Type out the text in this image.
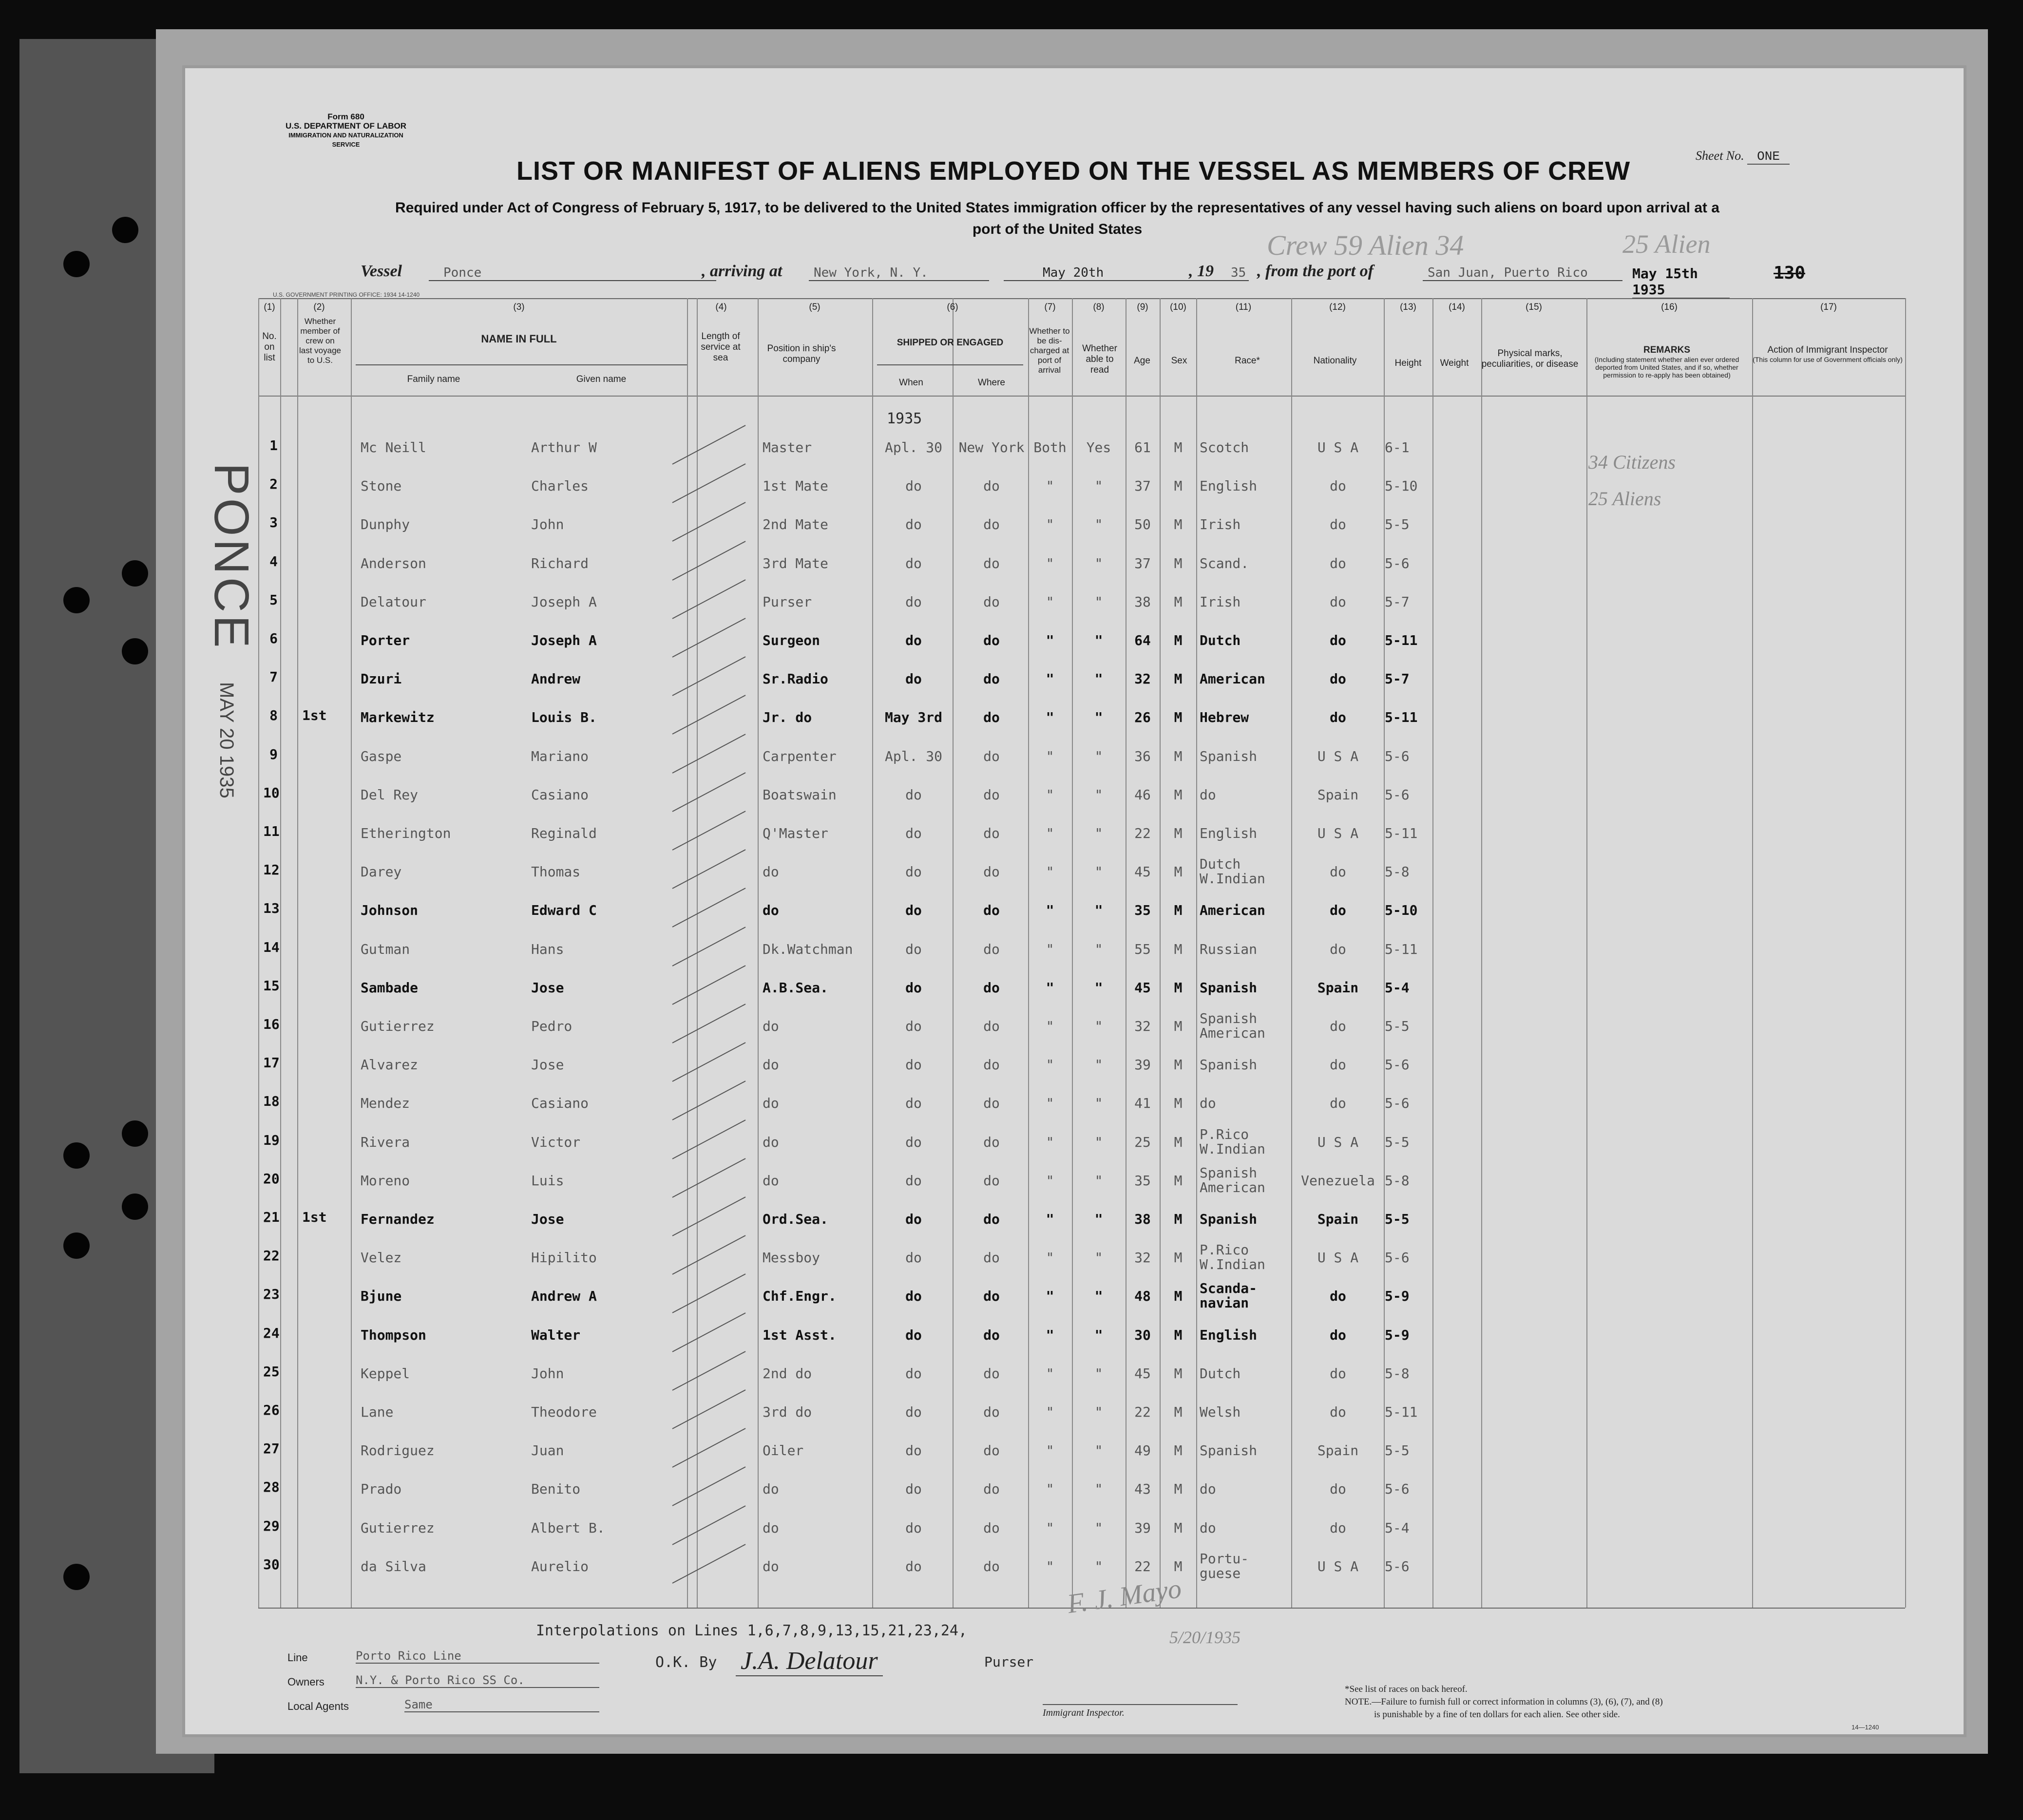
Form 680
U.S. DEPARTMENT OF LABOR
IMMIGRATION AND NATURALIZATION SERVICE
Sheet No. ONE
LIST OR MANIFEST OF ALIENS EMPLOYED ON THE VESSEL AS MEMBERS OF CREW
Required under Act of Congress of February 5, 1917, to be delivered to the United States immigration officer by the representatives of any vessel having such aliens on board upon arrival at a
port of the United States
Crew 59 Alien 34	25 Alien
Vessel	Ponce	, arriving at	New York, N. Y.	May 20th	, 19 35 , from the port of	San Juan, Puerto Rico	May 15th 1935
130
U.S. GOVERNMENT PRINTING OFFICE: 1934 14-1240
(1)	(2)	(3)	(4)	(5)	(6)	(7)	(8)	(9)	(10)	(11)	(12)	(13)	(14)	(15)	(16)	(17)
No. on list
Whether member of crew on last voyage to U.S.
NAME IN FULL
Family name	Given name
Length of service at sea
Position in ship's company
SHIPPED OR ENGAGED
When	Where
Whether to be dis-charged at port of arrival
Whether able to read
Age	Sex	Race*	Nationality	Height	Weight
Physical marks, peculiarities, or disease
REMARKS
(Including statement whether alien ever ordered deported from United States, and if so, whether permission to re-apply has been obtained)
Action of Immigrant Inspector
(This column for use of Government officials only)
1935
1	Mc Neill	Arthur W	Master	Apl. 30	New York Both	Yes	61	M	Scotch	U S A	6-1
2	Stone	Charles	1st Mate	do	do	"	"	37	M	English	do	5-10
3	Dunphy	John	2nd Mate	do	do	"	"	50	M	Irish	do	5-5
4	Anderson	Richard	3rd Mate	do	do	"	"	37	M	Scand.	do	5-6
5	Delatour	Joseph A	Purser	do	do	"	"	38	M	Irish	do	5-7
6	Porter	Joseph A	Surgeon	do	do	"	"	64	M	Dutch	do	5-11
7	Dzuri	Andrew	Sr.Radio	do	do	"	"	32	M	American	do	5-7
8 1st	Markewitz	Louis B.	Jr. do	May 3rd	do	"	"	26	M	Hebrew	do	5-11
9	Gaspe	Mariano	Carpenter	Apl. 30	do	"	"	36	M	Spanish	U S A	5-6
10	Del Rey	Casiano	Boatswain	do	do	"	"	46	M	do	Spain	5-6
11	Etherington	Reginald	Q'Master	do	do	"	"	22	M	English	U S A	5-11
12	Darey	Thomas	do	do	do	"	"	45	M	Dutch	do	5-8
W.Indian
13	Johnson	Edward C	do	do	do	"	"	35	M	American	do	5-10
14	Gutman	Hans	Dk.Watchman	do	do	"	"	55	M	Russian	do	5-11
15	Sambade	Jose	A.B.Sea.	do	do	"	"	45	M	Spanish	Spain	5-4
16	Gutierrez	Pedro	do	do	do	"	"	32	M	Spanish	do	5-5
American
17	Alvarez	Jose	do	do	do	"	"	39	M	Spanish	do	5-6
18	Mendez	Casiano	do	do	do	"	"	41	M	do	do	5-6
19	Rivera	Victor	do	do	do	"	"	25	M	P.Rico	U S A	5-5
W.Indian
20	Moreno	Luis	do	do	do	"	"	35	M	Spanish	Venezuela 5-8
American
21 1st	Fernandez	Jose	Ord.Sea.	do	do	"	"	38	M	Spanish	Spain	5-5
22	Velez	Hipilito	Messboy	do	do	"	"	32	M	P.Rico	U S A	5-6
W.Indian
23	Bjune	Andrew A	Chf.Engr.	do	do	"	"	48	M	Scanda-	do	5-9
navian
24	Thompson	Walter	1st Asst.	do	do	"	"	30	M	English	do	5-9
25	Keppel	John	2nd do	do	do	"	"	45	M	Dutch	do	5-8
26	Lane	Theodore	3rd do	do	do	"	"	22	M	Welsh	do	5-11
27	Rodriguez	Juan	Oiler	do	do	"	"	49	M	Spanish	Spain	5-5
28	Prado	Benito	do	do	do	"	"	43	M	do	do	5-6
29	Gutierrez	Albert B.	do	do	do	"	"	39	M	do	do	5-4
30	da Silva	Aurelio	do	do	do	"	"	22	M	Portu-	U S A	5-6
guese
34 Citizens
25 Aliens
PONCE
MAY 20 1935
Interpolations on Lines 1,6,7,8,9,13,15,21,23,24,
O.K. By J.A. Delatour	Purser
Line	Porto Rico Line
Owners	N.Y. & Porto Rico SS Co.
Local Agents	Same
F. J. Mayo
5/20/1935
Immigrant Inspector.
*See list of races on back hereof.
NOTE.—Failure to furnish full or correct information in columns (3), (6), (7), and (8)
is punishable by a fine of ten dollars for each alien. See other side.
14—1240
